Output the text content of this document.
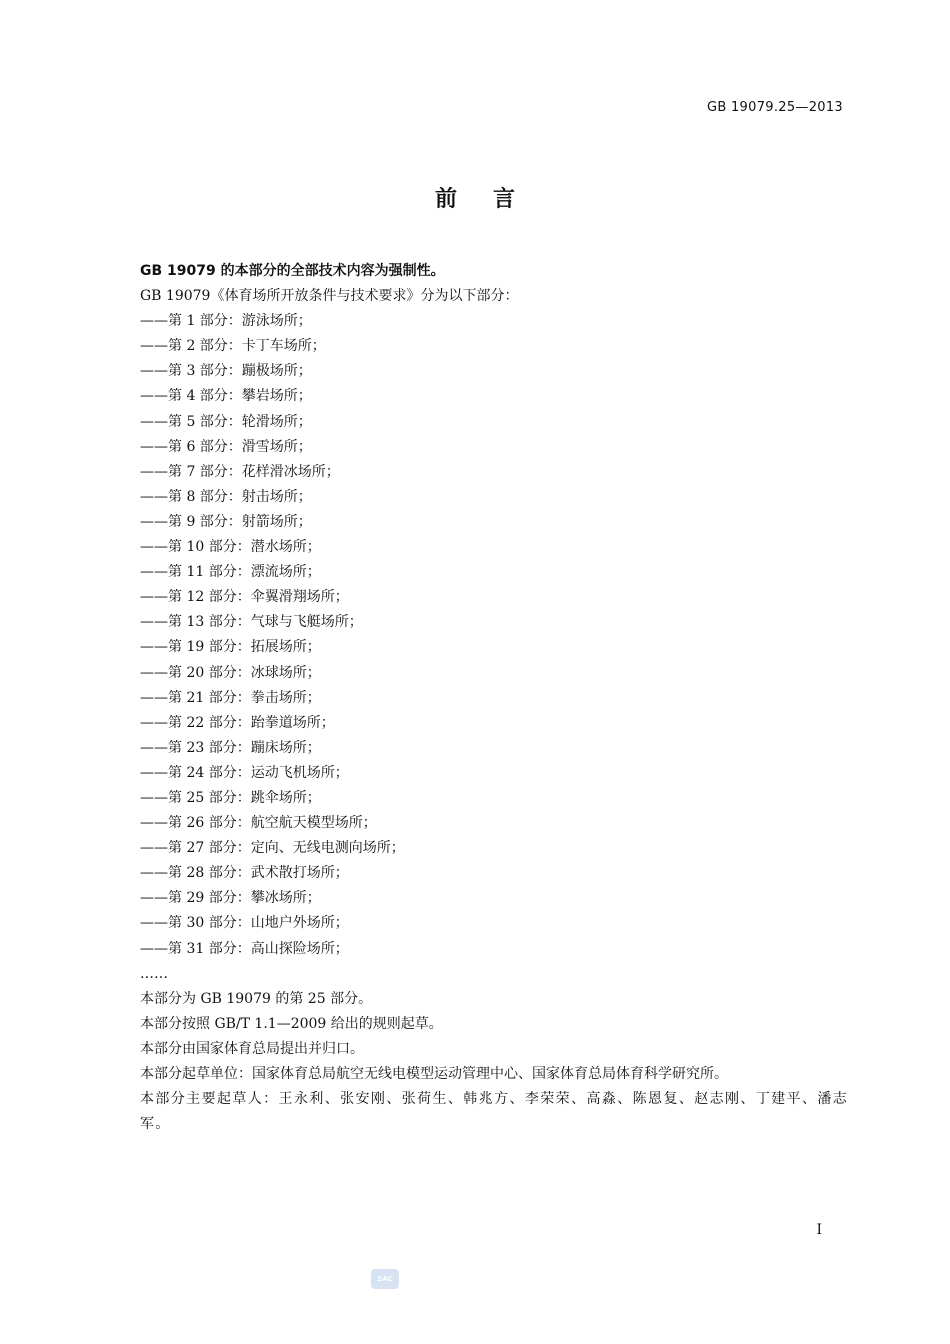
GB 19079.25—2013
前言

GB 19079 的本部分的全部技术内容为强制性。

GB 19079《体育场所开放条件与技术要求》分为以下部分：

——第 1 部分：游泳场所；

——第 2 部分：卡丁车场所；

——第 3 部分：蹦极场所；

——第 4 部分：攀岩场所；

——第 5 部分：轮滑场所；

——第 6 部分：滑雪场所；

——第 7 部分：花样滑冰场所；

——第 8 部分：射击场所；

——第 9 部分：射箭场所；

——第 10 部分：潜水场所；

——第 11 部分：漂流场所；

——第 12 部分：伞翼滑翔场所；

——第 13 部分：气球与飞艇场所；

——第 19 部分：拓展场所；

——第 20 部分：冰球场所；

——第 21 部分：拳击场所；

——第 22 部分：跆拳道场所；

——第 23 部分：蹦床场所；

——第 24 部分：运动飞机场所；

——第 25 部分：跳伞场所；

——第 26 部分：航空航天模型场所；

——第 27 部分：定向、无线电测向场所；

——第 28 部分：武术散打场所；

——第 29 部分：攀冰场所；

——第 30 部分：山地户外场所；

——第 31 部分：高山探险场所；

……

本部分为 GB 19079 的第 25 部分。

本部分按照 GB/T 1.1—2009 给出的规则起草。

本部分由国家体育总局提出并归口。

本部分起草单位：国家体育总局航空无线电模型运动管理中心、国家体育总局体育科学研究所。

本部分主要起草人：王永利、张安刚、张荷生、韩兆方、李荣荣、高淼、陈恩复、赵志刚、丁建平、潘志军。

I
SAC
